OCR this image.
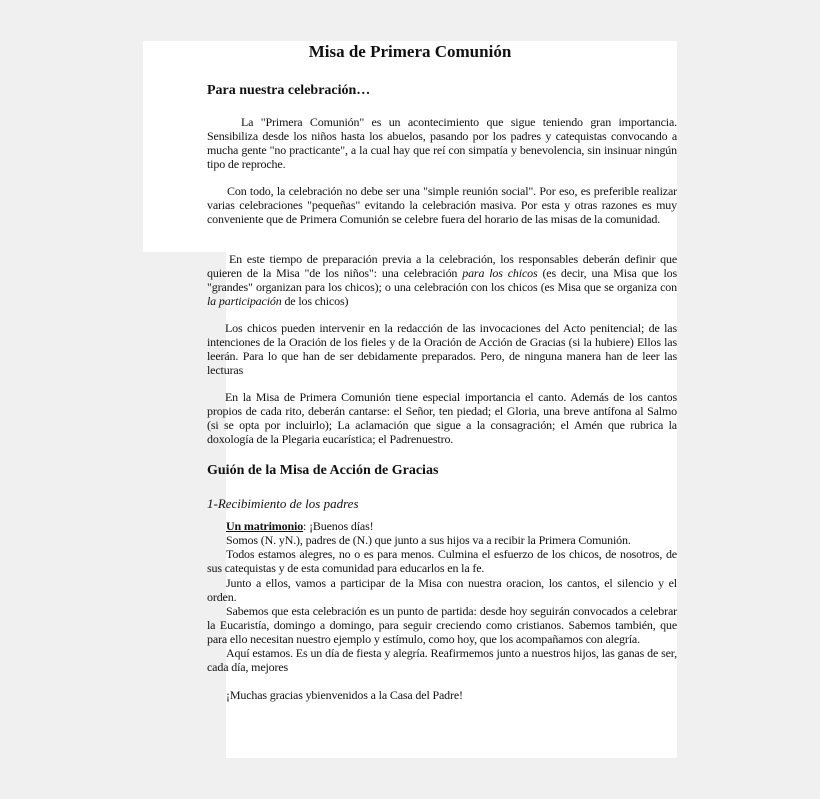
Misa de Primera Comunión
Para nuestra celebración…

La "Primera Comunión" es un acontecimiento que sigue teniendo gran importancia. Sensibiliza desde los niños hasta los abuelos, pasando por los padres y catequistas convocando a mucha gente "no practicante", a la cual hay que reí con simpatía y benevolencia, sin insinuar ningún tipo de reproche.

Con todo, la celebración no debe ser una "simple reunión social". Por eso, es preferible realizar varias celebraciones "pequeñas" evitando la celebración masiva. Por esta y otras razones es muy conveniente que de Primera Comunión se celebre fuera del horario de las misas de la comunidad.

En este tiempo de preparación previa a la celebración, los responsables deberán definir que quieren de la Misa "de los niños": una celebración para los chicos (es decir, una Misa que los "grandes" organizan para los chicos); o una celebración con los chicos (es Misa que se organiza con la participación de los chicos)

Los chicos pueden intervenir en la redacción de las invocaciones del Acto penitencial; de las intenciones de la Oración de los fieles y de la Oración de Acción de Gracias (si la hubiere) Ellos las leerán. Para lo que han de ser debidamente preparados. Pero, de ninguna manera han de leer las lecturas

En la Misa de Primera Comunión tiene especial importancia el canto. Además de los cantos propios de cada rito, deberán cantarse: el Señor, ten piedad; el Gloria, una breve antífona al Salmo (si se opta por incluirlo); La aclamación que sigue a la consagración; el Amén que rubrica la doxología de la Plegaria eucarística; el Padrenuestro.

Guión de la Misa de Acción de Gracias

1-Recibimiento de los padres

Un matrimonio: ¡Buenos días!

Somos (N. yN.), padres de (N.) que junto a sus hijos va a recibir la Primera Comunión.

Todos estamos alegres, no o es para menos. Culmina el esfuerzo de los chicos, de nosotros, de sus catequistas y de esta comunidad para educarlos en la fe.

Junto a ellos, vamos a participar de la Misa con nuestra oracion, los cantos, el silencio y el orden.

Sabemos que esta celebración es un punto de partida: desde hoy seguirán convocados a celebrar la Eucaristía, domingo a domingo, para seguir creciendo como cristianos. Sabemos también, que para ello necesitan nuestro ejemplo y estímulo, como hoy, que los acompañamos con alegría.

Aquí estamos. Es un día de fiesta y alegría. Reafirmemos junto a nuestros hijos, las ganas de ser, cada día, mejores

¡Muchas gracias ybienvenidos a la Casa del Padre!
